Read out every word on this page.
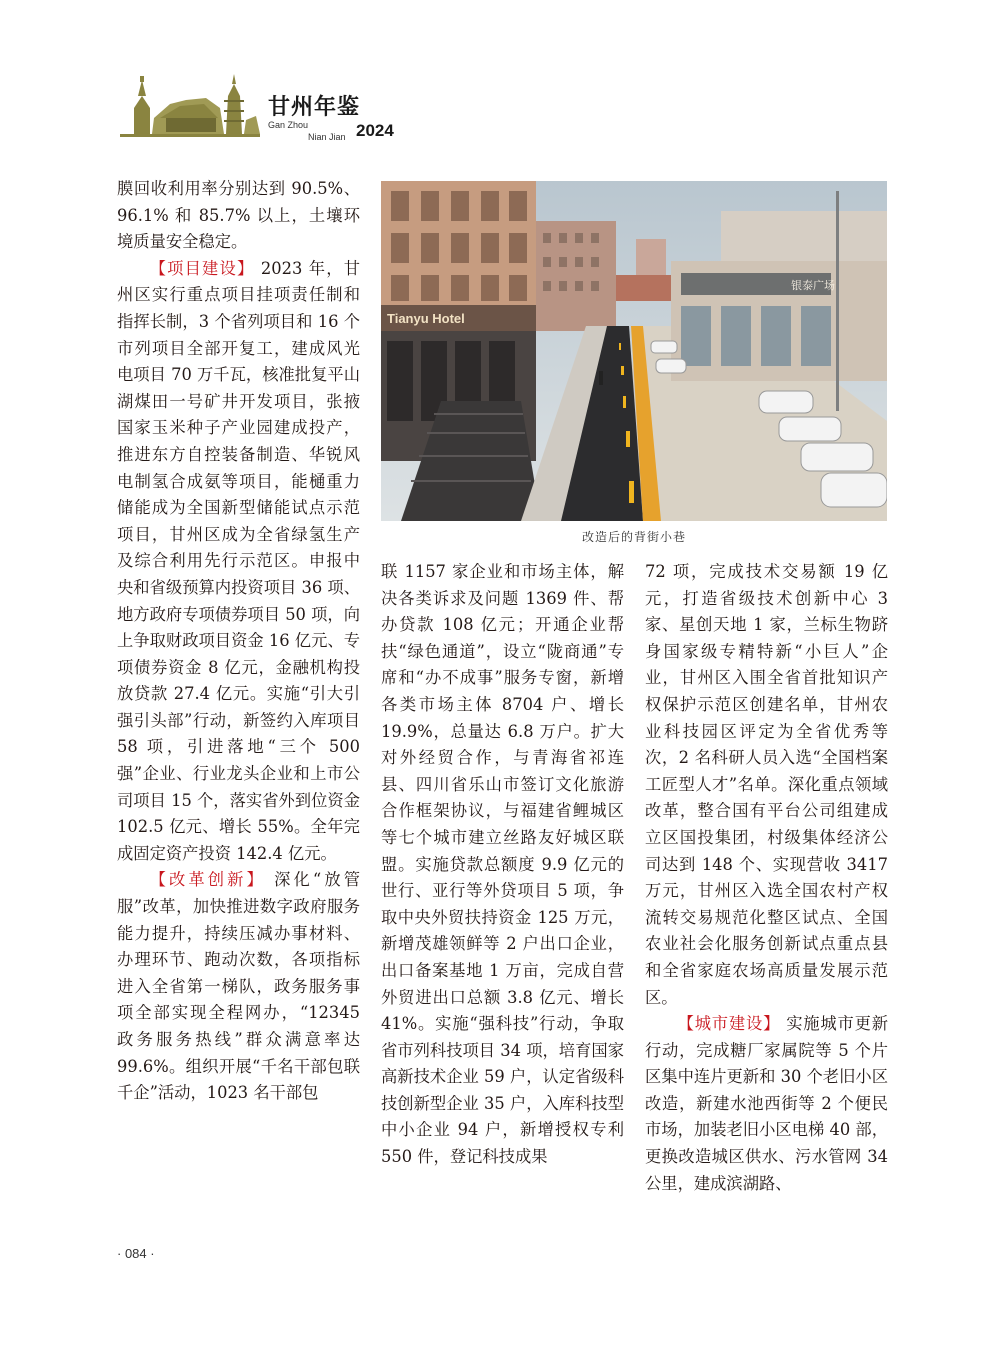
甘州年鉴
Gan Zhou
Nian Jian 2024

膜回收利用率分别达到 90.5%、96.1% 和 85.7% 以上，土壤环境质量安全稳定。

【项目建设】 2023 年，甘州区实行重点项目挂项责任制和指挥长制，3 个省列项目和 16 个市列项目全部开复工，建成风光电项目 70 万千瓦，核准批复平山湖煤田一号矿井开发项目，张掖国家玉米种子产业园建成投产，推进东方自控装备制造、华锐风电制氢合成氨等项目，能樋重力储能成为全国新型储能试点示范项目，甘州区成为全省绿氢生产及综合利用先行示范区。申报中央和省级预算内投资项目 36 项、地方政府专项债券项目 50 项，向上争取财政项目资金 16 亿元、专项债券资金 8 亿元，金融机构投放贷款 27.4 亿元。实施“引大引强引头部”行动，新签约入库项目 58 项，引进落地“三个 500 强”企业、行业龙头企业和上市公司项目 15 个，落实省外到位资金 102.5 亿元、增长 55%。全年完成固定资产投资 142.4 亿元。

【改革创新】 深化“放管服”改革，加快推进数字政府服务能力提升，持续压减办事材料、办理环节、跑动次数，各项指标进入全省第一梯队，政务服务事项全部实现全程网办，“12345 政务服务热线”群众满意率达 99.6%。组织开展“千名干部包联千企”活动，1023 名干部包

Tianyu Hotel
银泰广场
改造后的背街小巷

联 1157 家企业和市场主体，解决各类诉求及问题 1369 件、帮办贷款 108 亿元；开通企业帮扶“绿色通道”，设立“陇商通”专席和“办不成事”服务专窗，新增各类市场主体 8704 户、增长 19.9%，总量达 6.8 万户。扩大对外经贸合作，与青海省祁连县、四川省乐山市签订文化旅游合作框架协议，与福建省鲤城区等七个城市建立丝路友好城区联盟。实施贷款总额度 9.9 亿元的世行、亚行等外贷项目 5 项，争取中央外贸扶持资金 125 万元，新增茂雄领鲜等 2 户出口企业，出口备案基地 1 万亩，完成自营外贸进出口总额 3.8 亿元、增长 41%。实施“强科技”行动，争取省市列科技项目 34 项，培育国家高新技术企业 59 户，认定省级科技创新型企业 35 户，入库科技型中小企业 94 户，新增授权专利 550 件，登记科技成果

72 项，完成技术交易额 19 亿元，打造省级技术创新中心 3 家、星创天地 1 家，兰标生物跻身国家级专精特新“小巨人”企业，甘州区入围全省首批知识产权保护示范区创建名单，甘州农业科技园区评定为全省优秀等次，2 名科研人员入选“全国档案工匠型人才”名单。深化重点领域改革，整合国有平台公司组建成立区国投集团，村级集体经济公司达到 148 个、实现营收 3417 万元，甘州区入选全国农村产权流转交易规范化整区试点、全国农业社会化服务创新试点重点县和全省家庭农场高质量发展示范区。

【城市建设】 实施城市更新行动，完成糖厂家属院等 5 个片区集中连片更新和 30 个老旧小区改造，新建水池西街等 2 个便民市场，加装老旧小区电梯 40 部，更换改造城区供水、污水管网 34 公里，建成滨湖路、

· 084 ·
